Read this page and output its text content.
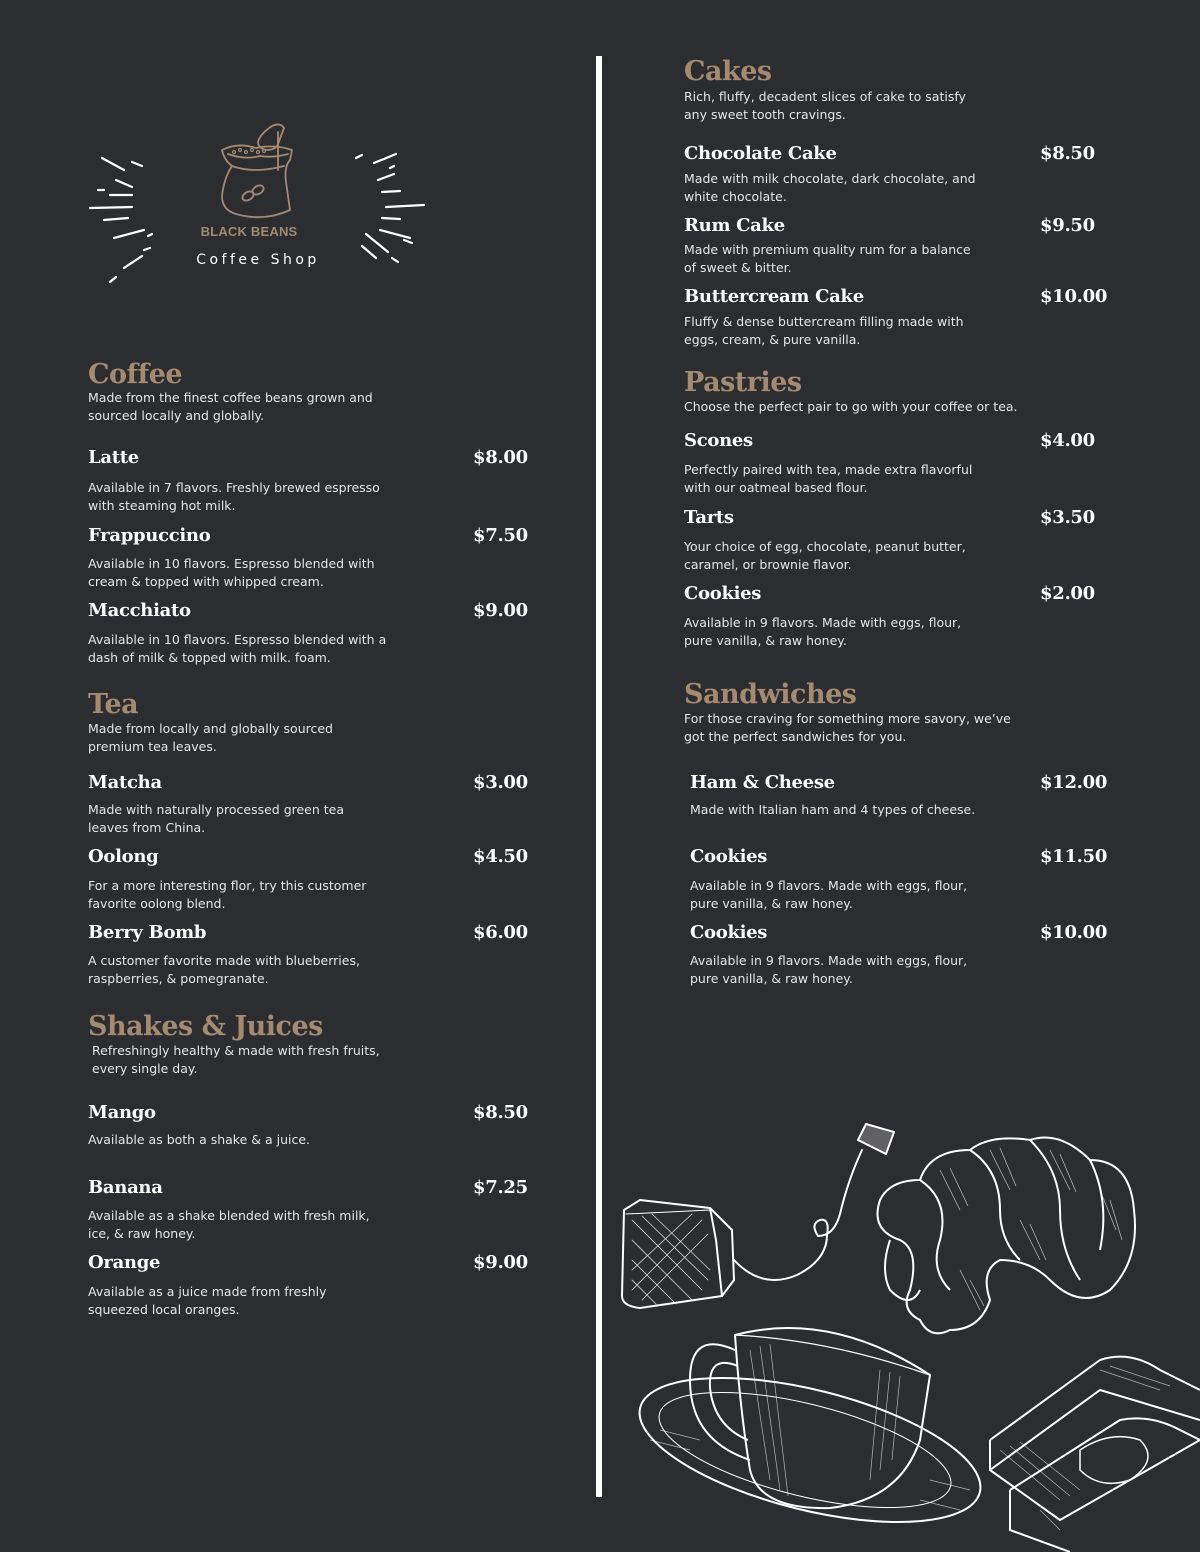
BLACK BEANS
Coffee Shop
Coffee
Made from the finest coffee beans grown and sourced locally and globally.
Latte	$8.00
Available in 7 flavors. Freshly brewed espresso with steaming hot milk.
Frappuccino	$7.50
Available in 10 flavors. Espresso blended with cream & topped with whipped cream.
Macchiato	$9.00
Available in 10 flavors. Espresso blended with a dash of milk & topped with milk. foam.
Tea
Made from locally and globally sourced premium tea leaves.
Matcha	$3.00
Made with naturally processed green tea leaves from China.
Oolong	$4.50
For a more interesting flor, try this customer favorite oolong blend.
Berry Bomb	$6.00
A customer favorite made with blueberries, raspberries, & pomegranate.
Shakes & Juices
Refreshingly healthy & made with fresh fruits, every single day.
Mango	$8.50
Available as both a shake & a juice.
Banana	$7.25
Available as a shake blended with fresh milk, ice, & raw honey.
Orange	$9.00
Available as a juice made from freshly squeezed local oranges.
Cakes
Rich, fluffy, decadent slices of cake to satisfy any sweet tooth cravings.
Chocolate Cake	$8.50
Made with milk chocolate, dark chocolate, and white chocolate.
Rum Cake	$9.50
Made with premium quality rum for a balance of sweet & bitter.
Buttercream Cake	$10.00
Fluffy & dense buttercream filling made with eggs, cream, & pure vanilla.
Pastries
Choose the perfect pair to go with your coffee or tea.
Scones	$4.00
Perfectly paired with tea, made extra flavorful with our oatmeal based flour.
Tarts	$3.50
Your choice of egg, chocolate, peanut butter, caramel, or brownie flavor.
Cookies	$2.00
Available in 9 flavors. Made with eggs, flour, pure vanilla, & raw honey.
Sandwiches
For those craving for something more savory, we’ve got the perfect sandwiches for you.
Ham & Cheese	$12.00
Made with Italian ham and 4 types of cheese.
Cookies	$11.50
Available in 9 flavors. Made with eggs, flour, pure vanilla, & raw honey.
Cookies	$10.00
Available in 9 flavors. Made with eggs, flour, pure vanilla, & raw honey.
